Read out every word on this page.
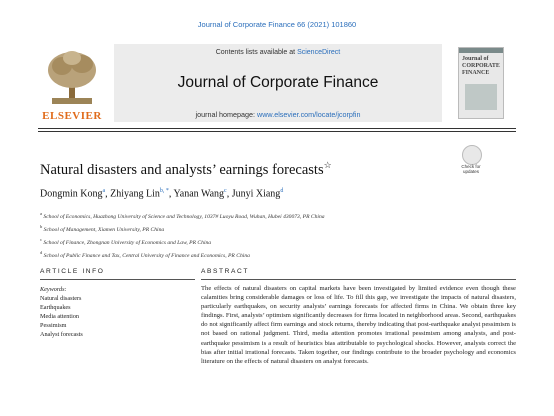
Journal of Corporate Finance 66 (2021) 101860
ELSEVIER
Contents lists available at ScienceDirect
Journal of Corporate Finance
journal homepage: www.elsevier.com/locate/jcorpfin
Journal of CORPORATE FINANCE
Natural disasters and analysts’ earnings forecasts☆	Check for updates
Dongmin Kong$^a$, Zhiyang Lin$^{b, *}$, Yanan Wang$^c$, Junyi Xiang$^d$
$^a$ School of Economics, Huazhong University of Science and Technology, 1037# Luoyu Road, Wuhan, Hubei 430073, PR China
$^b$ School of Management, Xiamen University, PR China
$^c$ School of Finance, Zhongnan University of Economics and Law, PR China
$^d$ School of Public Finance and Tax, Central University of Finance and Economics, PR China
ARTICLE INFO	ABSTRACT
Keywords:
Natural disasters
Earthquakes
Media attention
Pessimism
Analyst forecasts
The effects of natural disasters on capital markets have been investigated by limited evidence even though these calamities bring considerable damages or loss of life. To fill this gap, we investigate the impacts of natural disasters, particularly earthquakes, on security analysts’ earnings forecasts for affected firms in China. We obtain three key findings. First, analysts’ optimism significantly decreases for firms located in neighborhood areas. Second, earthquakes do not significantly affect firm earnings and stock returns, thereby indicating that post-earthquake analyst pessimism is not based on rational judgment. Third, media attention promotes irrational pessimism among analysts, and post-earthquake pessimism is a result of heuristics bias attributable to psychological shocks. However, analysts correct the bias after initial irrational forecasts. Taken together, our findings contribute to the broader psychology and economics literature on the effects of natural disasters on analyst forecasts.
